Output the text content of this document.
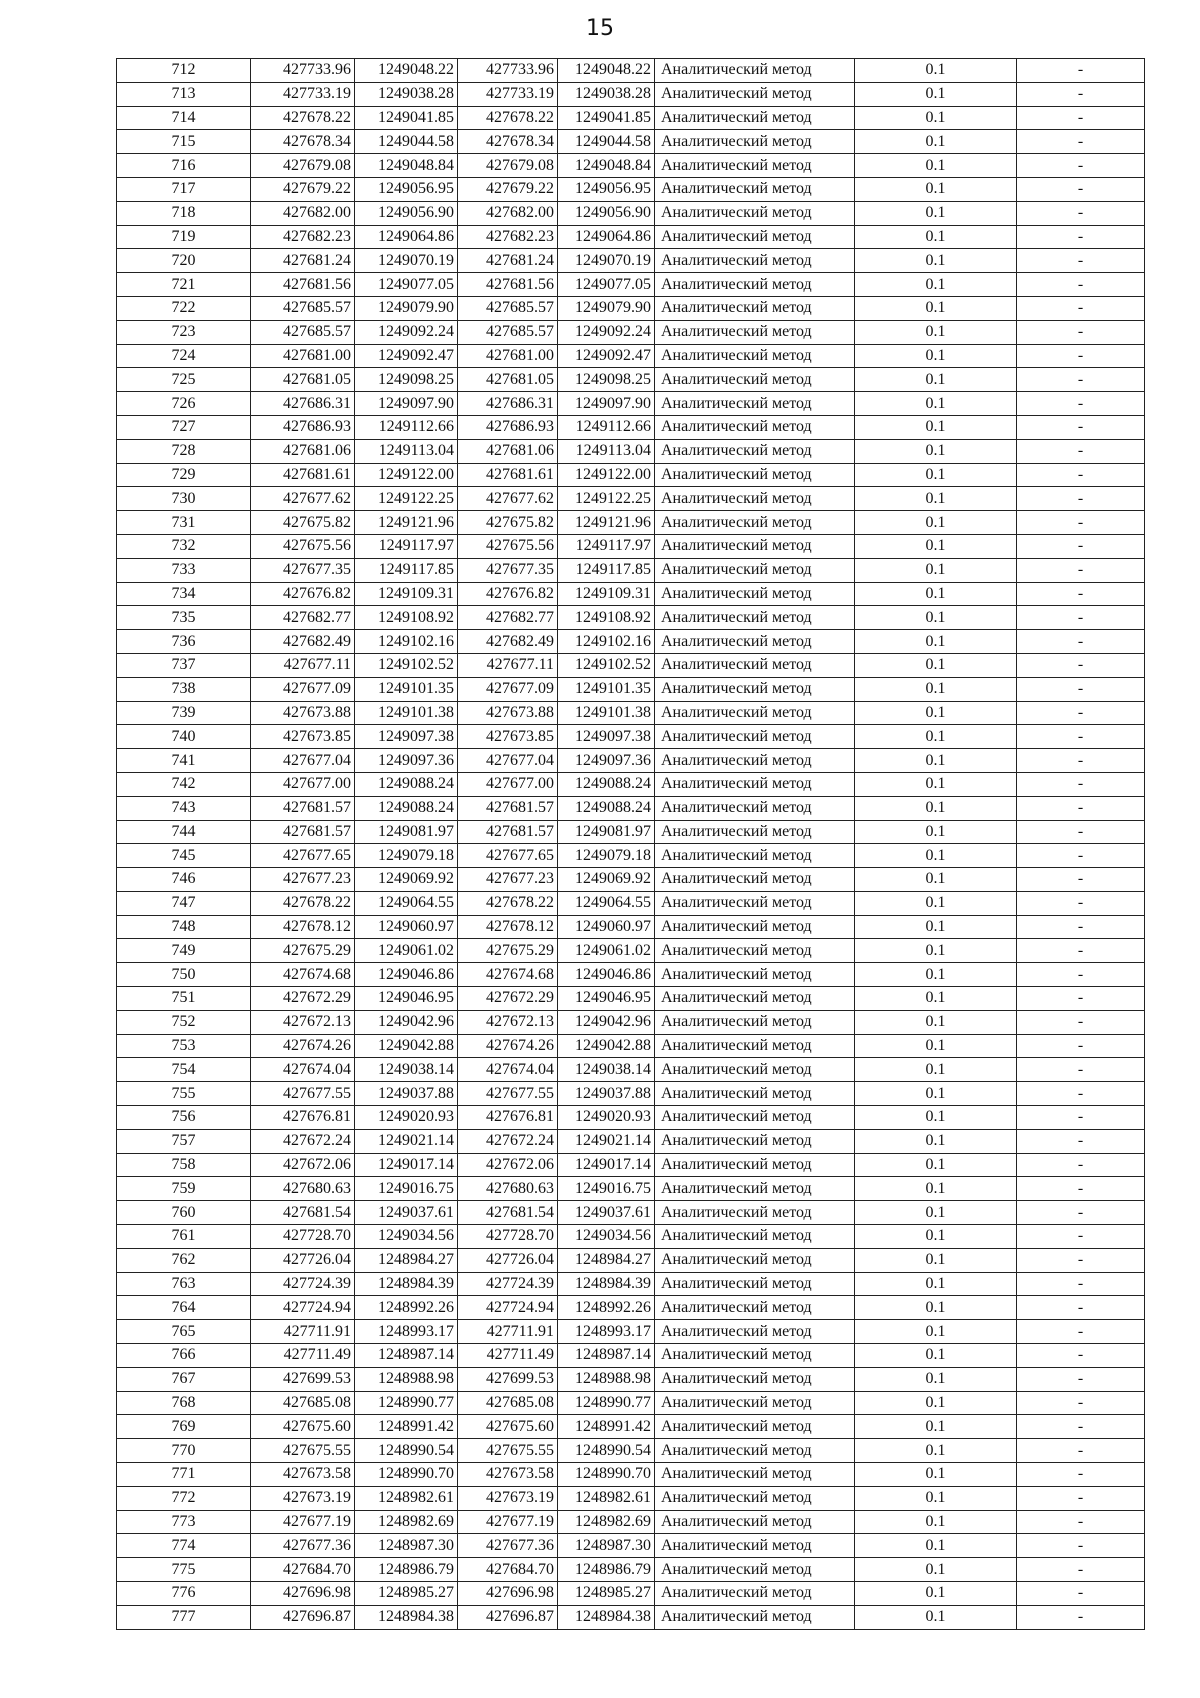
15
712	427733.96	1249048.22	427733.96	1249048.22	Аналитический метод	0.1	-
713	427733.19	1249038.28	427733.19	1249038.28	Аналитический метод	0.1	-
714	427678.22	1249041.85	427678.22	1249041.85	Аналитический метод	0.1	-
715	427678.34	1249044.58	427678.34	1249044.58	Аналитический метод	0.1	-
716	427679.08	1249048.84	427679.08	1249048.84	Аналитический метод	0.1	-
717	427679.22	1249056.95	427679.22	1249056.95	Аналитический метод	0.1	-
718	427682.00	1249056.90	427682.00	1249056.90	Аналитический метод	0.1	-
719	427682.23	1249064.86	427682.23	1249064.86	Аналитический метод	0.1	-
720	427681.24	1249070.19	427681.24	1249070.19	Аналитический метод	0.1	-
721	427681.56	1249077.05	427681.56	1249077.05	Аналитический метод	0.1	-
722	427685.57	1249079.90	427685.57	1249079.90	Аналитический метод	0.1	-
723	427685.57	1249092.24	427685.57	1249092.24	Аналитический метод	0.1	-
724	427681.00	1249092.47	427681.00	1249092.47	Аналитический метод	0.1	-
725	427681.05	1249098.25	427681.05	1249098.25	Аналитический метод	0.1	-
726	427686.31	1249097.90	427686.31	1249097.90	Аналитический метод	0.1	-
727	427686.93	1249112.66	427686.93	1249112.66	Аналитический метод	0.1	-
728	427681.06	1249113.04	427681.06	1249113.04	Аналитический метод	0.1	-
729	427681.61	1249122.00	427681.61	1249122.00	Аналитический метод	0.1	-
730	427677.62	1249122.25	427677.62	1249122.25	Аналитический метод	0.1	-
731	427675.82	1249121.96	427675.82	1249121.96	Аналитический метод	0.1	-
732	427675.56	1249117.97	427675.56	1249117.97	Аналитический метод	0.1	-
733	427677.35	1249117.85	427677.35	1249117.85	Аналитический метод	0.1	-
734	427676.82	1249109.31	427676.82	1249109.31	Аналитический метод	0.1	-
735	427682.77	1249108.92	427682.77	1249108.92	Аналитический метод	0.1	-
736	427682.49	1249102.16	427682.49	1249102.16	Аналитический метод	0.1	-
737	427677.11	1249102.52	427677.11	1249102.52	Аналитический метод	0.1	-
738	427677.09	1249101.35	427677.09	1249101.35	Аналитический метод	0.1	-
739	427673.88	1249101.38	427673.88	1249101.38	Аналитический метод	0.1	-
740	427673.85	1249097.38	427673.85	1249097.38	Аналитический метод	0.1	-
741	427677.04	1249097.36	427677.04	1249097.36	Аналитический метод	0.1	-
742	427677.00	1249088.24	427677.00	1249088.24	Аналитический метод	0.1	-
743	427681.57	1249088.24	427681.57	1249088.24	Аналитический метод	0.1	-
744	427681.57	1249081.97	427681.57	1249081.97	Аналитический метод	0.1	-
745	427677.65	1249079.18	427677.65	1249079.18	Аналитический метод	0.1	-
746	427677.23	1249069.92	427677.23	1249069.92	Аналитический метод	0.1	-
747	427678.22	1249064.55	427678.22	1249064.55	Аналитический метод	0.1	-
748	427678.12	1249060.97	427678.12	1249060.97	Аналитический метод	0.1	-
749	427675.29	1249061.02	427675.29	1249061.02	Аналитический метод	0.1	-
750	427674.68	1249046.86	427674.68	1249046.86	Аналитический метод	0.1	-
751	427672.29	1249046.95	427672.29	1249046.95	Аналитический метод	0.1	-
752	427672.13	1249042.96	427672.13	1249042.96	Аналитический метод	0.1	-
753	427674.26	1249042.88	427674.26	1249042.88	Аналитический метод	0.1	-
754	427674.04	1249038.14	427674.04	1249038.14	Аналитический метод	0.1	-
755	427677.55	1249037.88	427677.55	1249037.88	Аналитический метод	0.1	-
756	427676.81	1249020.93	427676.81	1249020.93	Аналитический метод	0.1	-
757	427672.24	1249021.14	427672.24	1249021.14	Аналитический метод	0.1	-
758	427672.06	1249017.14	427672.06	1249017.14	Аналитический метод	0.1	-
759	427680.63	1249016.75	427680.63	1249016.75	Аналитический метод	0.1	-
760	427681.54	1249037.61	427681.54	1249037.61	Аналитический метод	0.1	-
761	427728.70	1249034.56	427728.70	1249034.56	Аналитический метод	0.1	-
762	427726.04	1248984.27	427726.04	1248984.27	Аналитический метод	0.1	-
763	427724.39	1248984.39	427724.39	1248984.39	Аналитический метод	0.1	-
764	427724.94	1248992.26	427724.94	1248992.26	Аналитический метод	0.1	-
765	427711.91	1248993.17	427711.91	1248993.17	Аналитический метод	0.1	-
766	427711.49	1248987.14	427711.49	1248987.14	Аналитический метод	0.1	-
767	427699.53	1248988.98	427699.53	1248988.98	Аналитический метод	0.1	-
768	427685.08	1248990.77	427685.08	1248990.77	Аналитический метод	0.1	-
769	427675.60	1248991.42	427675.60	1248991.42	Аналитический метод	0.1	-
770	427675.55	1248990.54	427675.55	1248990.54	Аналитический метод	0.1	-
771	427673.58	1248990.70	427673.58	1248990.70	Аналитический метод	0.1	-
772	427673.19	1248982.61	427673.19	1248982.61	Аналитический метод	0.1	-
773	427677.19	1248982.69	427677.19	1248982.69	Аналитический метод	0.1	-
774	427677.36	1248987.30	427677.36	1248987.30	Аналитический метод	0.1	-
775	427684.70	1248986.79	427684.70	1248986.79	Аналитический метод	0.1	-
776	427696.98	1248985.27	427696.98	1248985.27	Аналитический метод	0.1	-
777	427696.87	1248984.38	427696.87	1248984.38	Аналитический метод	0.1	-
